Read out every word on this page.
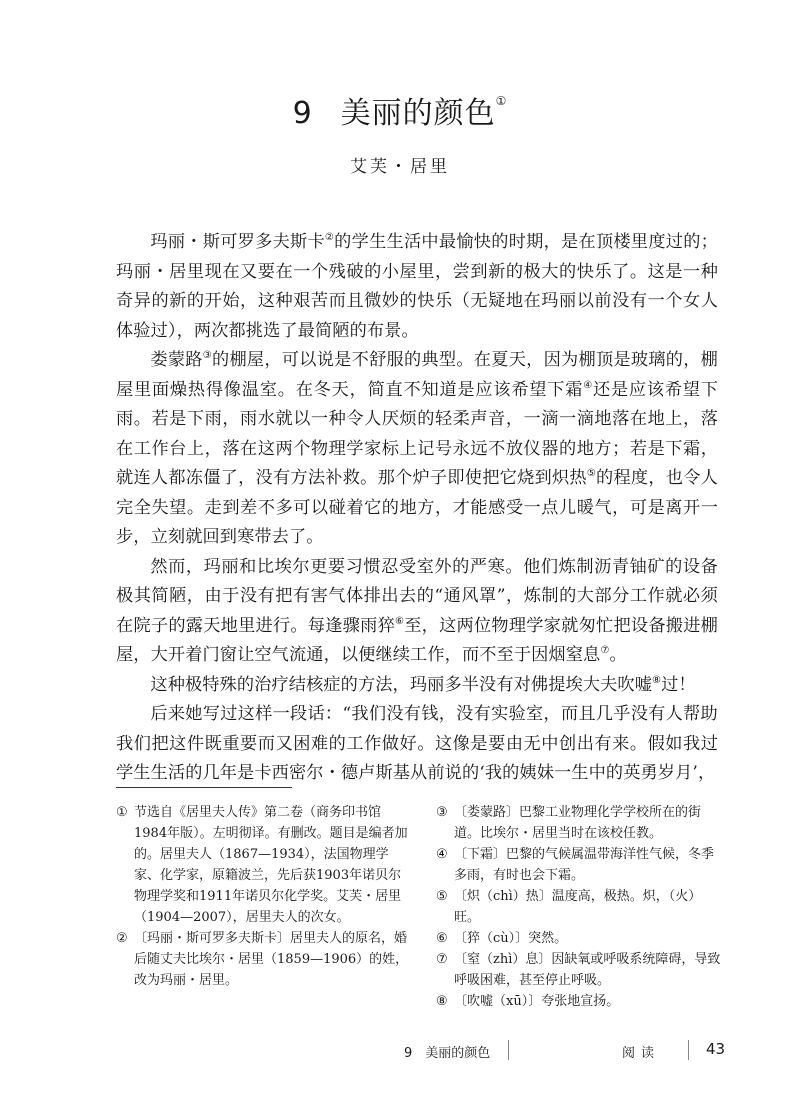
9 美丽的颜色①
艾芙・居里

玛丽・斯可罗多夫斯卡②的学生生活中最愉快的时期，是在顶楼里度过的；玛丽・居里现在又要在一个残破的小屋里，尝到新的极大的快乐了。这是一种奇异的新的开始，这种艰苦而且微妙的快乐（无疑地在玛丽以前没有一个女人体验过），两次都挑选了最简陋的布景。

娄蒙路③的棚屋，可以说是不舒服的典型。在夏天，因为棚顶是玻璃的，棚屋里面燥热得像温室。在冬天，简直不知道是应该希望下霜④还是应该希望下雨。若是下雨，雨水就以一种令人厌烦的轻柔声音，一滴一滴地落在地上，落在工作台上，落在这两个物理学家标上记号永远不放仪器的地方；若是下霜，就连人都冻僵了，没有方法补救。那个炉子即使把它烧到炽热⑤的程度，也令人完全失望。走到差不多可以碰着它的地方，才能感受一点儿暖气，可是离开一步，立刻就回到寒带去了。

然而，玛丽和比埃尔更要习惯忍受室外的严寒。他们炼制沥青铀矿的设备极其简陋，由于没有把有害气体排出去的“通风罩”，炼制的大部分工作就必须在院子的露天地里进行。每逢骤雨猝⑥至，这两位物理学家就匆忙把设备搬进棚屋，大开着门窗让空气流通，以便继续工作，而不至于因烟窒息⑦。

这种极特殊的治疗结核症的方法，玛丽多半没有对佛提埃大夫吹嘘⑧过！

后来她写过这样一段话：“我们没有钱，没有实验室，而且几乎没有人帮助我们把这件既重要而又困难的工作做好。这像是要由无中创出有来。假如我过学生生活的几年是卡西密尔・德卢斯基从前说的‘我的姨妹一生中的英勇岁月’，

① 节选自《居里夫人传》第二卷（商务印书馆1984年版）。左明彻译。有删改。题目是编者加的。居里夫人（1867—1934），法国物理学家、化学家，原籍波兰，先后获1903年诺贝尔物理学奖和1911年诺贝尔化学奖。艾芙・居里（1904—2007），居里夫人的次女。
② 〔玛丽・斯可罗多夫斯卡〕居里夫人的原名，婚后随丈夫比埃尔・居里（1859—1906）的姓，改为玛丽・居里。
③ 〔娄蒙路〕巴黎工业物理化学学校所在的街道。比埃尔・居里当时在该校任教。
④ 〔下霜〕巴黎的气候属温带海洋性气候，冬季多雨，有时也会下霜。
⑤ 〔炽（chì）热〕温度高，极热。炽，（火）旺。
⑥ 〔猝（cù）〕突然。
⑦ 〔窒（zhì）息〕因缺氧或呼吸系统障碍，导致呼吸困难，甚至停止呼吸。
⑧ 〔吹嘘（xū）〕夸张地宣扬。
9　美丽的颜色	阅读	43
